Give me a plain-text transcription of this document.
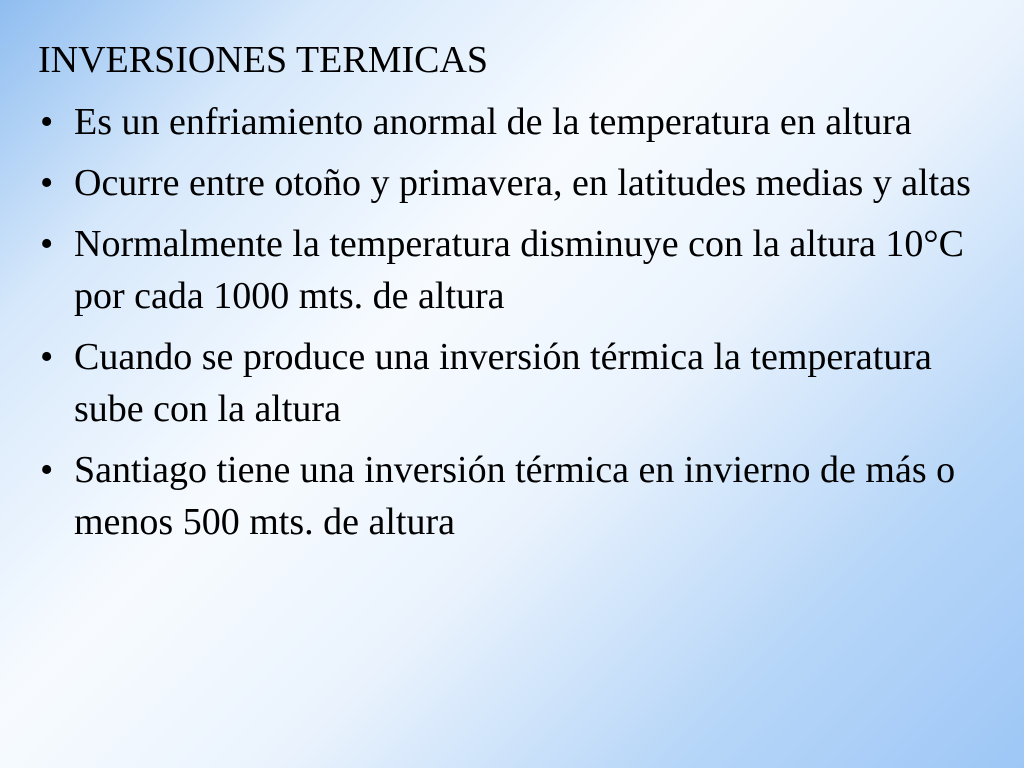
INVERSIONES TERMICAS
• Es un enfriamiento anormal de la temperatura en altura
• Ocurre entre otoño y primavera, en latitudes medias y altas
• Normalmente la temperatura disminuye con la altura 10°C por cada 1000 mts. de altura
• Cuando se produce una inversión térmica la temperatura sube con la altura
• Santiago tiene una inversión térmica en invierno de más o menos 500 mts. de altura
